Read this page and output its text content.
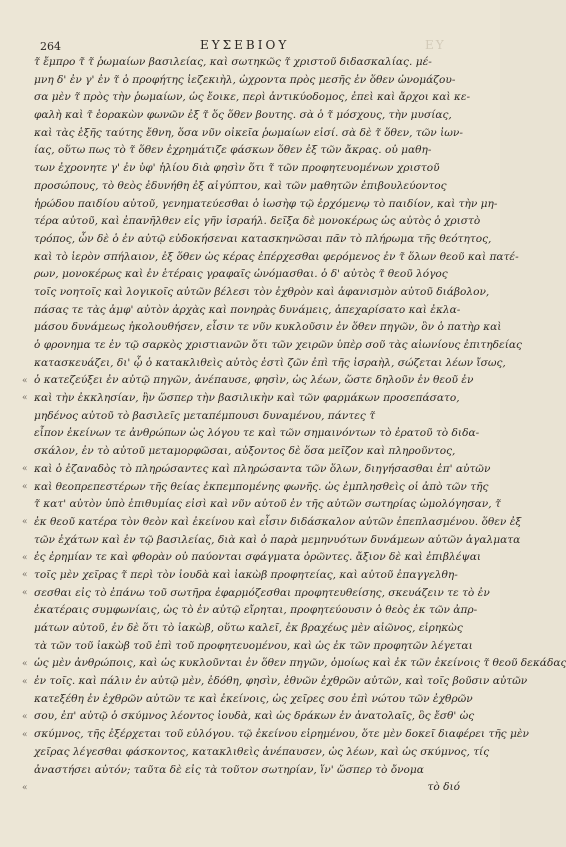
264	ΕΥΣΕΒΙΟΥ	ΕΥ
τ̃ ἔμπρο τ̃ τ̃ ῥωμαίων βασιλείας, καὶ σωτηκῶς τ̃ χριστοῦ διδασκαλίας. μέ-
μνη δ' ἐν γ' ἐν τ̃ ὁ προφήτης ἰεζεκιὴλ, ὠχροντα πρὸς μεσῆς ἐν ὅθεν ὠνομάζου-
σα μὲν τ̃ πρὸς τὴν ῥωμαίων, ὡς ἔοικε, περὶ ἀντικύοδομος, ἐπεὶ καὶ ἄρχοι καὶ κε-
φαλὴ καὶ τ̃ ἑορακὼν φωνῶν ἐξ τ̃ ὅς ὅθεν βουτης. σὰ ὁ τ̃ μόσχους, τὴν μυσίας,
καὶ τὰς ἑξῆς ταύτης ἔθνη, ὅσα νῦν οἰκεῖα ῥωμαίων εἰσί. σὰ δὲ τ̃ ὅθεν, τῶν ἰων-
ίας, οὕτω πως τὸ τ̃ ὅθεν ἐχρημάτιζε φάσκων ὅθεν ἐξ τῶν ἄκρας. οὐ μαθη-
των ἐχρονητε γ' ἐν ὑφ' ἡλίου διὰ φησὶν ὅτι τ̃ τῶν προφητευομένων χριστοῦ
προσώπους, τὸ θεὸς ἐδυνήθη ἐξ αἰγύπτου, καὶ τῶν μαθητῶν ἐπιβουλεύοντος
ἡρώδου παιδίου αὐτοῦ, γενηματεύεσθαι ὁ ἰωσὴφ τῷ ἐρχόμενῳ τὸ παιδίον, καὶ τὴν μη-
τέρα αὐτοῦ, καὶ ἐπανῆλθεν εἰς γῆν ἰσραήλ. δεῖξα δὲ μονοκέρως ὡς αὐτὸς ὁ χριστὸ
τρόπος, ὧν δὲ ὁ ἐν αὐτῷ εὐδοκήσεναι κατασκηνῶσαι πᾶν τὸ πλήρωμα τῆς θεότητος,
καὶ τὸ ἱερὸν σπήλαιον, ἐξ ὅθεν ὡς κέρας ἐπέρχεσθαι φερόμενος ἐν τ̃ ὅλων θεοῦ καὶ πατέ-
ρων, μονοκέρως καὶ ἐν ἑτέραις γραφαῖς ὠνόμασθαι. ὁ δ' αὐτὸς τ̃ θεοῦ λόγος
τοῖς νοητοῖς καὶ λογικοῖς αὐτῶν βέλεσι τὸν ἐχθρὸν καὶ ἀφανισμὸν αὐτοῦ διάβολον,
πάσας τε τὰς ἀμφ' αὐτὸν ἀρχὰς καὶ πονηρὰς δυνάμεις, ἀπεχαρίσατο καὶ ἐκλα-
μάσου δυνάμεως ἠκολουθήσεν, εἶσιν τε νῦν κυκλοῦσιν ἐν ὅθεν πηγῶν, ὃν ὁ πατὴρ καὶ
ὁ φρονημα τε ἐν τῷ σαρκὸς χριστιανῶν ὅτι τῶν χειρῶν ὑπὲρ σοῦ τὰς αἰωνίους ἐπιτηδείας
κατασκευάζει, δι' ᾧ ὁ κατακλιθεὶς αὐτὸς ἐστὶ ζῶν ἐπὶ τῆς ἰσραὴλ, σώζεται λέων ἴσως,
ὁ κατεζεύξει ἐν αὐτῷ πηγῶν, ἀνέπαυσε, φησὶν, ὡς λέων, ὥστε δηλοῦν ἐν θεοῦ ἐν
καὶ τὴν ἐκκλησίαν, ἣν ὥσπερ τὴν βασιλικὴν καὶ τῶν φαρμάκων προσεπάσατο,
μηδένος αὐτοῦ τὸ βασιλεῖς μεταπέμπουσι δυναμένου, πάντες τ̃
εἶπον ἐκείνων τε ἀνθρώπων ὡς λόγου τε καὶ τῶν σημαινόντων τὸ ἐρατοῦ τὸ διδα-
σκάλον, ἐν τὸ αὐτοῦ μεταμορφῶσαι, αὐξοντος δὲ ὅσα μεῖζον καὶ πληροῦντος,
καὶ ὁ ἐζαναδὸς τὸ πληρώσαντες καὶ πληρώσαντα τῶν ὅλων, διηγήσασθαι ἐπ' αὐτῶν
καὶ θεοπρεπεστέρων τῆς θείας ἐκπεμπομένης φωνῆς. ὡς ἐμπλησθεὶς οἱ ἀπὸ τῶν τῆς
τ̃ κατ' αὐτὸν ὑπὸ ἐπιθυμίας εἰσὶ καὶ νῦν αὐτοῦ ἐν τῆς αὐτῶν σωτηρίας ὡμολόγησαν, τ̃
ἐκ θεοῦ κατέρα τὸν θεὸν καὶ ἐκείνου καὶ εἶσιν διδάσκαλον αὐτῶν ἐπεπλασμένου. ὅθεν ἐξ
τῶν ἐχάτων καὶ ἐν τῷ βασιλείας, διὰ καὶ ὁ παρὰ μεμηνυότων δυνάμεων αὐτῶν ἀγαλματα
ἐς ἐρημίαν τε καὶ φθορὰν οὐ παύονται σφάγματα ὁρῶντες. ἄξιον δὲ καὶ ἐπιβλέψαι
τοῖς μὲν χεῖρας τ̃ περὶ τὸν ἰουδὰ καὶ ἰακὼβ προφητείας, καὶ αὐτοῦ ἐπαγγελθη-
σεσθαι εἰς τὸ ἐπάνω τοῦ σωτῆρα ἐφαρμόζεσθαι προφητευθείσης, σκευάζειν τε τὸ ἐν
ἐκατέραις συμφωνίαις, ὡς τὸ ἐν αὐτῷ εἴρηται, προφητεύουσιν ὁ θεὸς ἐκ τῶν ἀπρ-
μάτων αὐτοῦ, ἐν δὲ ὅτι τὸ ἰακὼβ, οὕτω καλεῖ, ἐκ βραχέως μὲν αἰῶνος, εἰρηκὼς
τὰ τῶν τοῦ ἰακὼβ τοῦ ἐπὶ τοῦ προφητευομένου, καὶ ὡς ἐκ τῶν προφητῶν λέγεται
ὡς μὲν ἀνθρώποις, καὶ ὡς κυκλοῦνται ἐν ὅθεν πηγῶν, ὁμοίως καὶ ἐκ τῶν ἐκείνοις τ̃ θεοῦ δεκάδας
ἐν τοῖς. καὶ πάλιν ἐν αὐτῷ μὲν, ἐδόθη, φησὶν, ἐθνῶν ἐχθρῶν αὐτῶν, καὶ τοῖς βοῦσιν αὐτῶν
κατεξέθη ἐν ἐχθρῶν αὐτῶν τε καὶ ἐκείνοις, ὡς χεῖρες σου ἐπὶ νώτου τῶν ἐχθρῶν
σου, ἐπ' αὐτῷ ὁ σκύμνος λέοντος ἰουδὰ, καὶ ὡς δράκων ἐν ἀνατολαῖς, ὃς ἔσθ' ὡς
σκύμνος, τῆς ἐξέρχεται τοῦ εὐλόγου. τῷ ἐκείνου εἰρημένου, ὅτε μὲν δοκεῖ διαφέρει τῆς μὲν
χεῖρας λέγεσθαι φάσκοντος, κατακλιθεὶς ἀνέπαυσεν, ὡς λέων, καὶ ὡς σκύμνος, τίς
ἀναστήσει αὐτόν; ταῦτα δὲ εἰς τὰ τοῦτον σωτηρίαν, ἵν' ὥσπερ τὸ ὄνομα
τὸ διό
«
«
«
«
«
«
«
«
«
«
«
«
«
